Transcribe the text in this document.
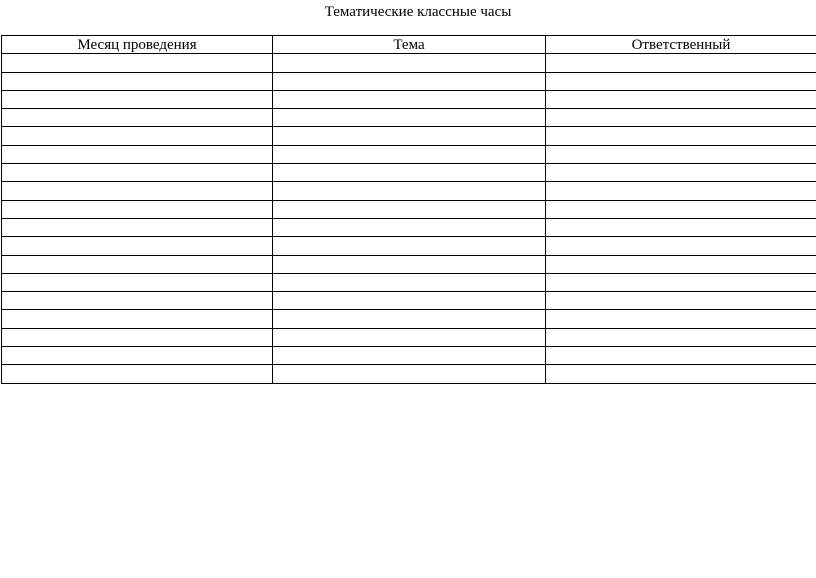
Тематические классные часы
Месяц проведения	Тема	Ответственный
